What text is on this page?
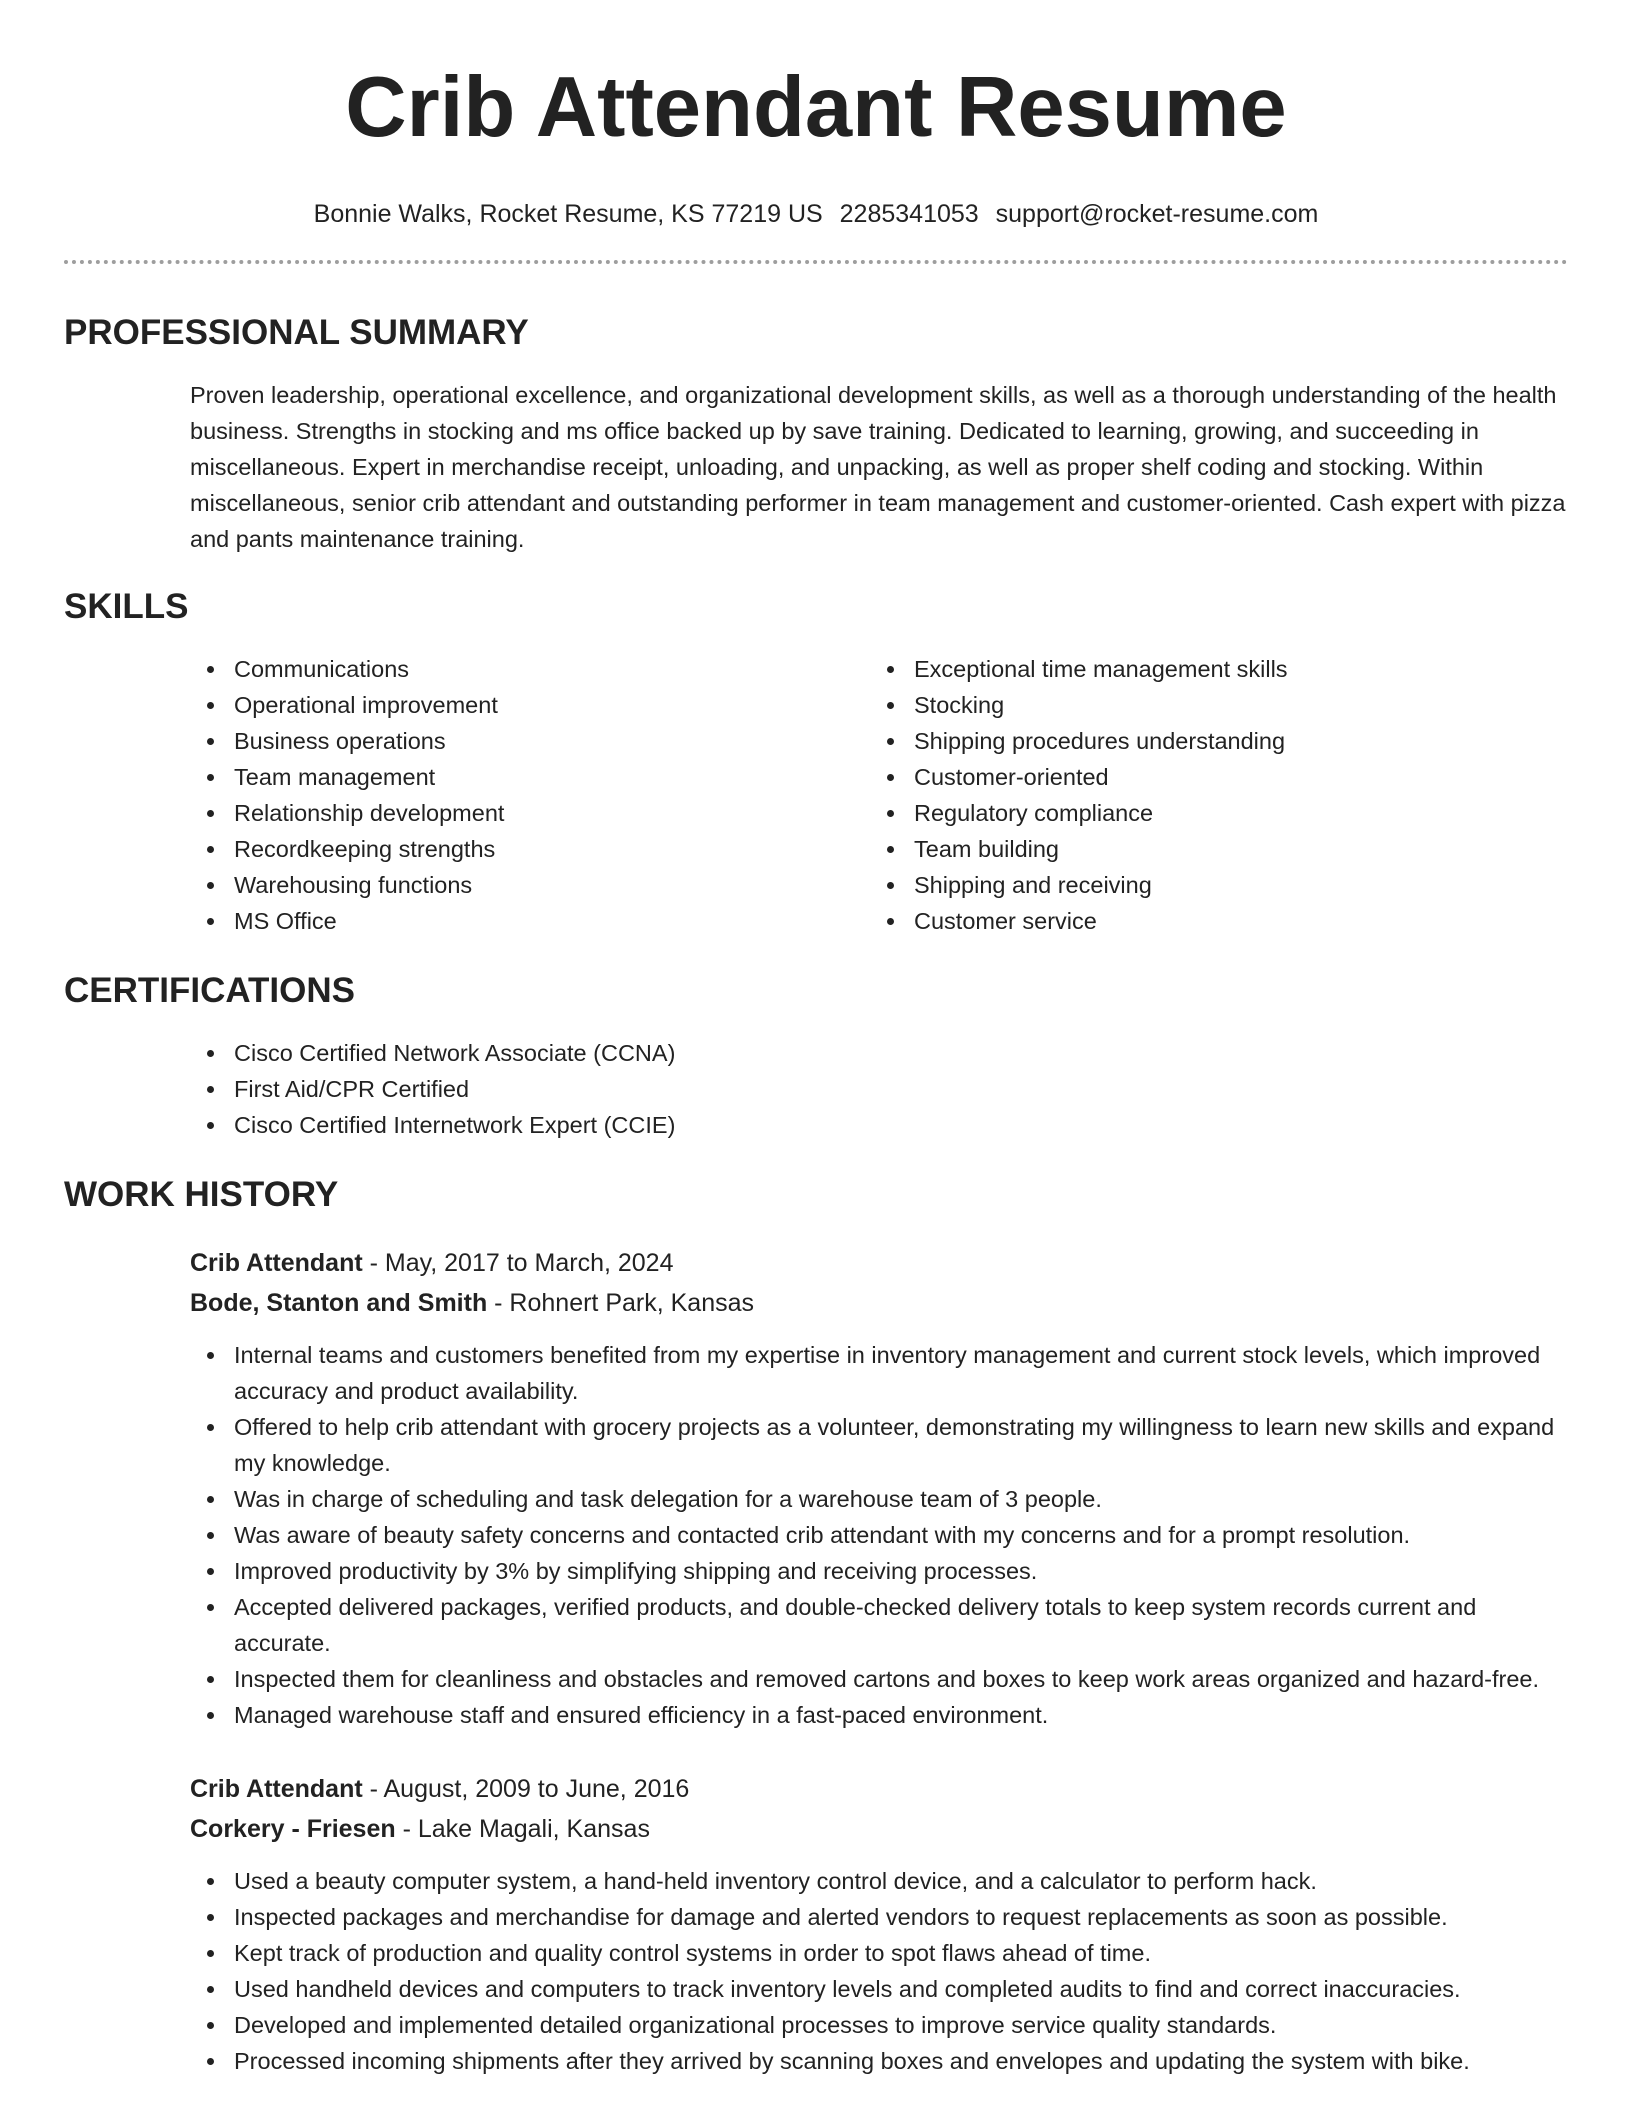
Crib Attendant Resume
Bonnie Walks, Rocket Resume, KS 77219 US 2285341053 support@rocket-resume.com
PROFESSIONAL SUMMARY

Proven leadership, operational excellence, and organizational development skills, as well as a thorough understanding of the health business. Strengths in stocking and ms office backed up by save training. Dedicated to learning, growing, and succeeding in miscellaneous. Expert in merchandise receipt, unloading, and unpacking, as well as proper shelf coding and stocking. Within miscellaneous, senior crib attendant and outstanding performer in team management and customer-oriented. Cash expert with pizza and pants maintenance training.

SKILLS
Communications
Operational improvement
Business operations
Team management
Relationship development
Recordkeeping strengths
Warehousing functions
MS Office
Exceptional time management skills
Stocking
Shipping procedures understanding
Customer-oriented
Regulatory compliance
Team building
Shipping and receiving
Customer service
CERTIFICATIONS
Cisco Certified Network Associate (CCNA)
First Aid/CPR Certified
Cisco Certified Internetwork Expert (CCIE)
WORK HISTORY
Crib Attendant - May, 2017 to March, 2024
Bode, Stanton and Smith - Rohnert Park, Kansas
Internal teams and customers benefited from my expertise in inventory management and current stock levels, which improved accuracy and product availability.
Offered to help crib attendant with grocery projects as a volunteer, demonstrating my willingness to learn new skills and expand my knowledge.
Was in charge of scheduling and task delegation for a warehouse team of 3 people.
Was aware of beauty safety concerns and contacted crib attendant with my concerns and for a prompt resolution.
Improved productivity by 3% by simplifying shipping and receiving processes.
Accepted delivered packages, verified products, and double-checked delivery totals to keep system records current and accurate.
Inspected them for cleanliness and obstacles and removed cartons and boxes to keep work areas organized and hazard-free.
Managed warehouse staff and ensured efficiency in a fast-paced environment.
Crib Attendant - August, 2009 to June, 2016
Corkery - Friesen - Lake Magali, Kansas
Used a beauty computer system, a hand-held inventory control device, and a calculator to perform hack.
Inspected packages and merchandise for damage and alerted vendors to request replacements as soon as possible.
Kept track of production and quality control systems in order to spot flaws ahead of time.
Used handheld devices and computers to track inventory levels and completed audits to find and correct inaccuracies.
Developed and implemented detailed organizational processes to improve service quality standards.
Processed incoming shipments after they arrived by scanning boxes and envelopes and updating the system with bike.
